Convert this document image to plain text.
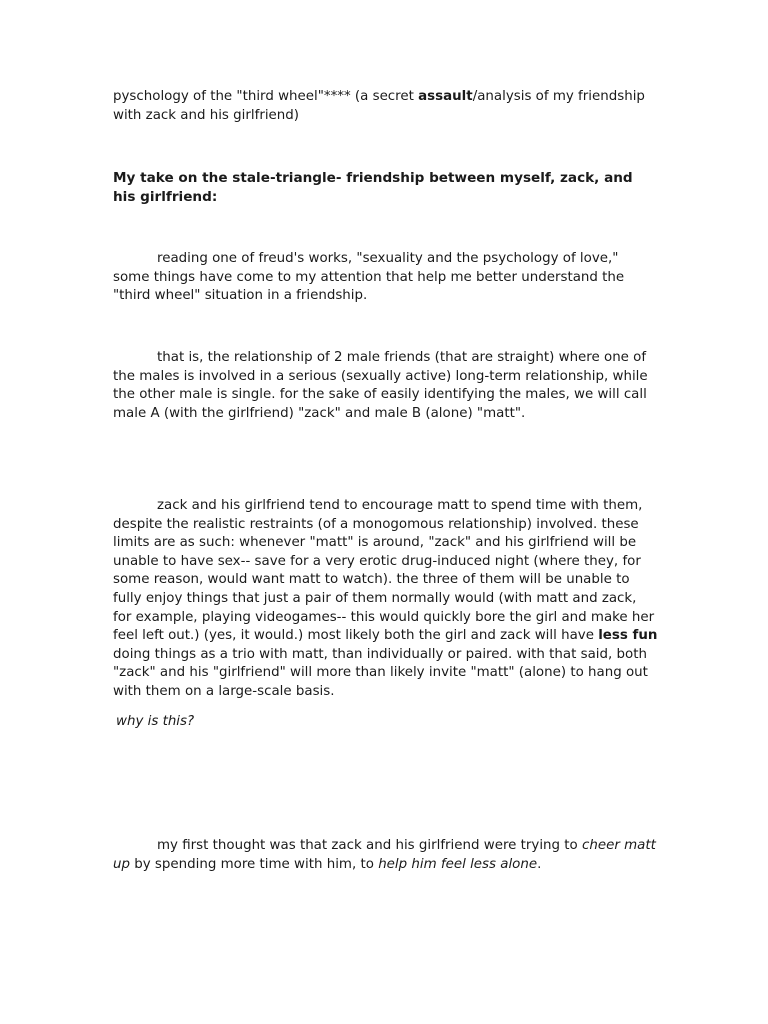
pyschology of the "third wheel"**** (a secret assault/analysis of my friendship with zack and his girlfriend)

My take on the stale-triangle- friendship between myself, zack, and his girlfriend:

reading one of freud's works, "sexuality and the psychology of love," some things have come to my attention that help me better understand the "third wheel" situation in a friendship.

that is, the relationship of 2 male friends (that are straight) where one of the males is involved in a serious (sexually active) long-term relationship, while the other male is single. for the sake of easily identifying the males, we will call male A (with the girlfriend) "zack" and male B (alone) "matt".

zack and his girlfriend tend to encourage matt to spend time with them, despite the realistic restraints (of a monogomous relationship) involved. these limits are as such: whenever "matt" is around, "zack" and his girlfriend will be unable to have sex-- save for a very erotic drug-induced night (where they, for some reason, would want matt to watch). the three of them will be unable to fully enjoy things that just a pair of them normally would (with matt and zack, for example, playing videogames-- this would quickly bore the girl and make her feel left out.) (yes, it would.) most likely both the girl and zack will have less fun doing things as a trio with matt, than individually or paired. with that said, both "zack" and his "girlfriend" will more than likely invite "matt" (alone) to hang out with them on a large-scale basis.

why is this?

my first thought was that zack and his girlfriend were trying to cheer matt up by spending more time with him, to help him feel less alone.
